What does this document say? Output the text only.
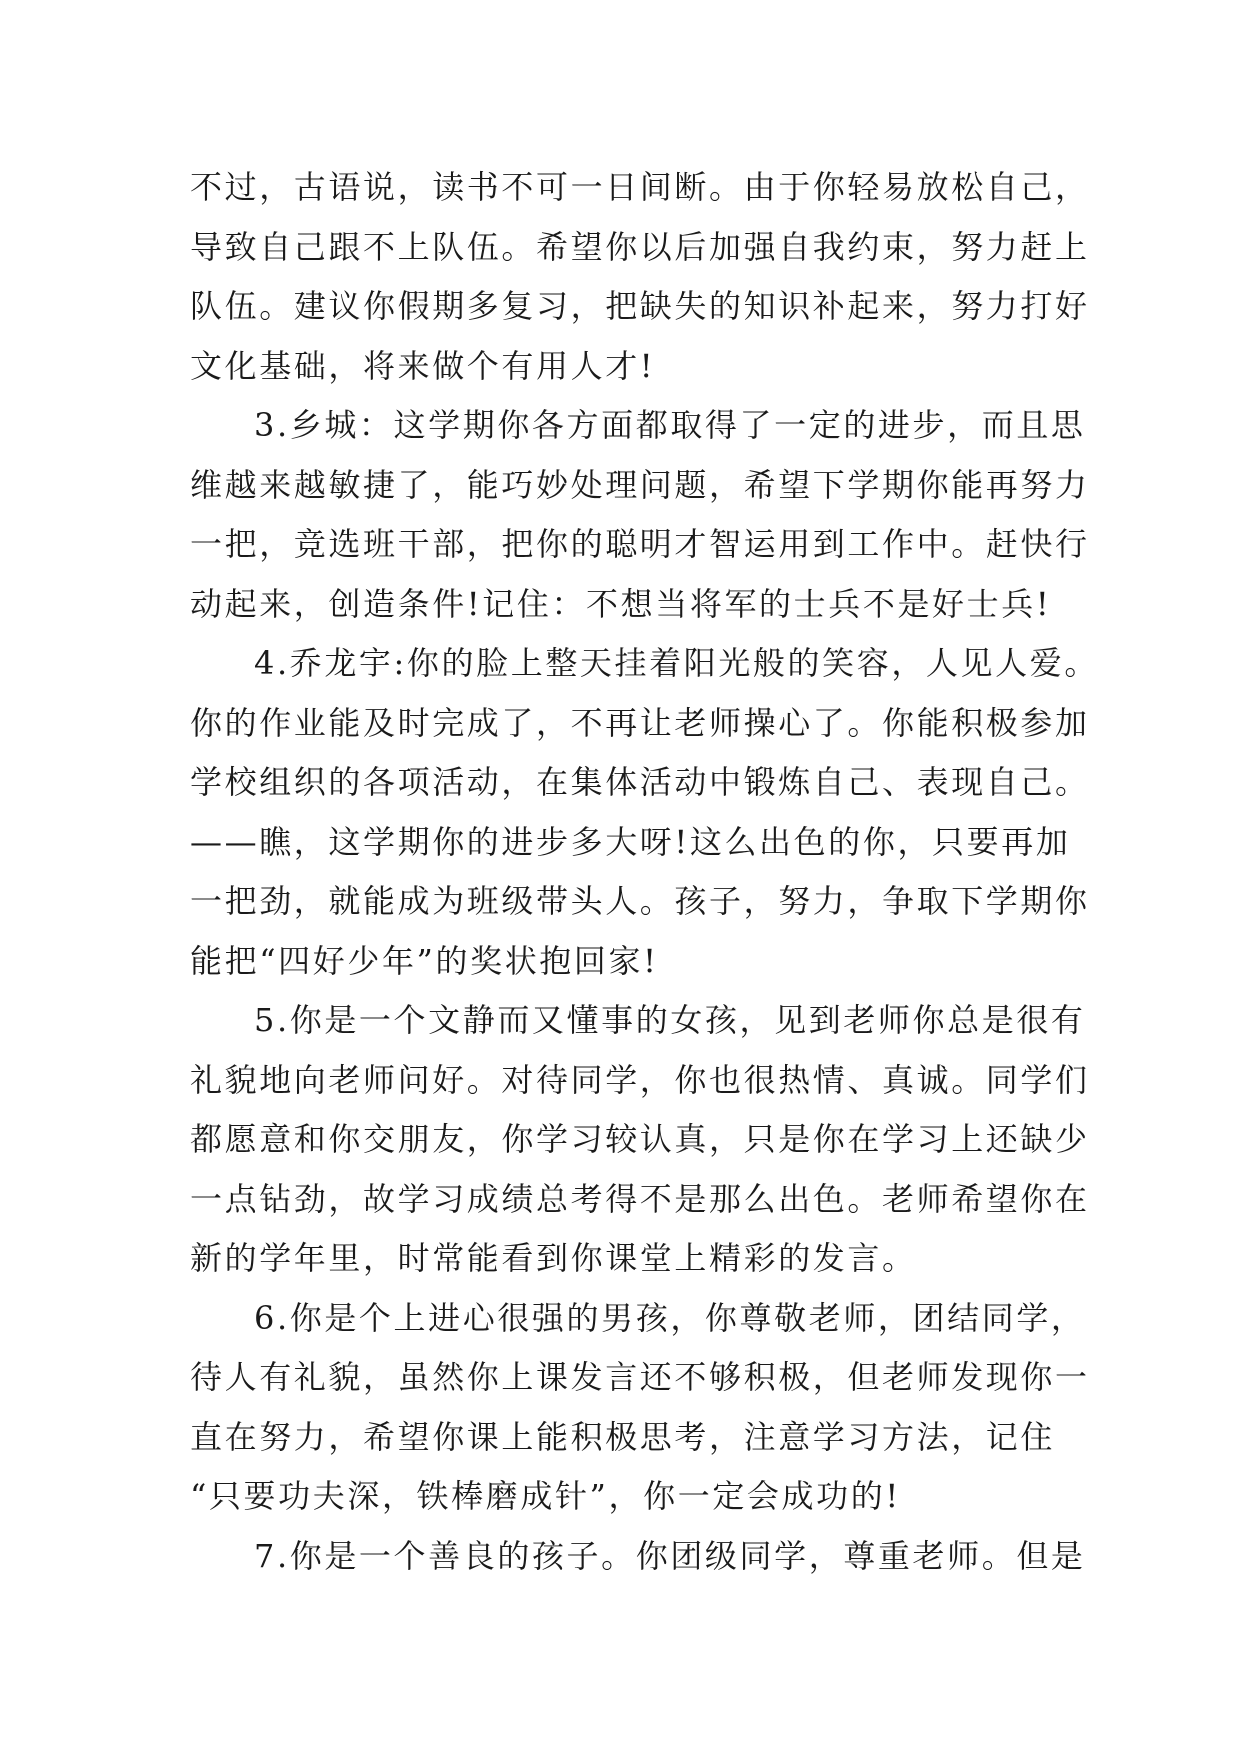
不过，古语说，读书不可一日间断。由于你轻易放松自己，
导致自己跟不上队伍。希望你以后加强自我约束，努力赶上
队伍。建议你假期多复习，把缺失的知识补起来，努力打好
文化基础，将来做个有用人才!
3.乡城：这学期你各方面都取得了一定的进步，而且思
维越来越敏捷了，能巧妙处理问题，希望下学期你能再努力
一把，竞选班干部，把你的聪明才智运用到工作中。赶快行
动起来，创造条件!记住：不想当将军的士兵不是好士兵!
4.乔龙宇:你的脸上整天挂着阳光般的笑容，人见人爱。
你的作业能及时完成了，不再让老师操心了。你能积极参加
学校组织的各项活动，在集体活动中锻炼自己、表现自己。
——瞧，这学期你的进步多大呀!这么出色的你，只要再加
一把劲，就能成为班级带头人。孩子，努力，争取下学期你
能把“四好少年”的奖状抱回家!
5.你是一个文静而又懂事的女孩，见到老师你总是很有
礼貌地向老师问好。对待同学，你也很热情、真诚。同学们
都愿意和你交朋友，你学习较认真，只是你在学习上还缺少
一点钻劲，故学习成绩总考得不是那么出色。老师希望你在
新的学年里，时常能看到你课堂上精彩的发言。
6.你是个上进心很强的男孩，你尊敬老师，团结同学，
待人有礼貌，虽然你上课发言还不够积极，但老师发现你一
直在努力，希望你课上能积极思考，注意学习方法，记住
“只要功夫深，铁棒磨成针”，你一定会成功的!
7.你是一个善良的孩子。你团级同学，尊重老师。但是
